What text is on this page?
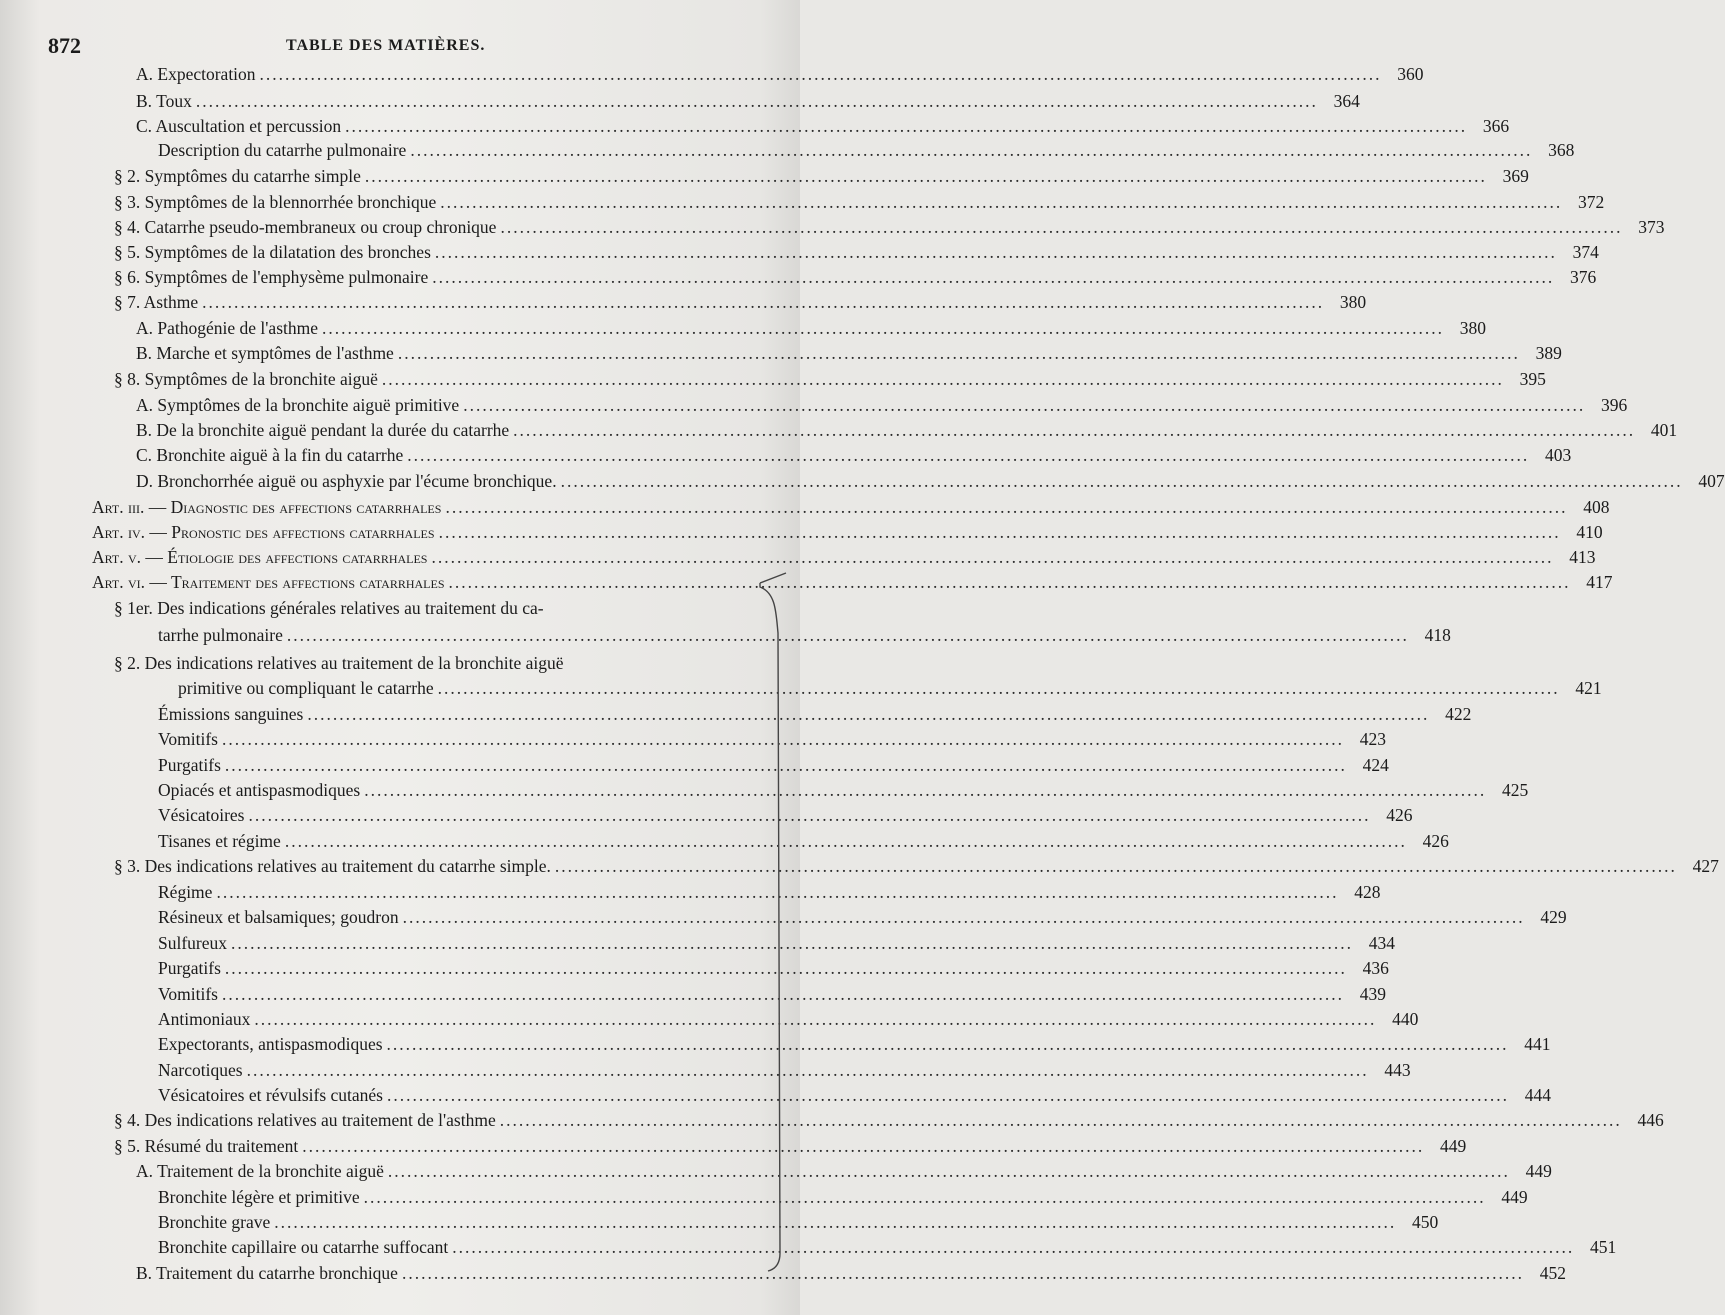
872	TABLE DES MATIÈRES.
A. Expectoration .....	360
B. Toux .....	364
C. Auscultation et percussion .....	366
Description du catarrhe pulmonaire .....	368
§ 2. Symptômes du catarrhe simple .....	369
§ 3. Symptômes de la blennorrhée bronchique .....	372
§ 4. Catarrhe pseudo-membraneux ou croup chronique .....	373
§ 5. Symptômes de la dilatation des bronches .....	374
§ 6. Symptômes de l'emphysème pulmonaire .....	376
§ 7. Asthme .....	380
A. Pathogénie de l'asthme .....	380
B. Marche et symptômes de l'asthme .....	389
§ 8. Symptômes de la bronchite aiguë .....	395
A. Symptômes de la bronchite aiguë primitive .....	396
B. De la bronchite aiguë pendant la durée du catarrhe .....	401
C. Bronchite aiguë à la fin du catarrhe .....	403
D. Bronchorrhée aiguë ou asphyxie par l'écume bronchique. .....	407
Art. iii. — Diagnostic des affections catarrhales .....	408
Art. iv. — Pronostic des affections catarrhales .....	410
Art. v. — Étiologie des affections catarrhales .....	413
Art. vi. — Traitement des affections catarrhales .....	417
§ 1er. Des indications générales relatives au traitement du ca-
tarrhe pulmonaire .....	418
§ 2. Des indications relatives au traitement de la bronchite aiguë
primitive ou compliquant le catarrhe .....	421
Émissions sanguines .....	422
Vomitifs .....	423
Purgatifs .....	424
Opiacés et antispasmodiques .....	425
Vésicatoires .....	426
Tisanes et régime .....	426
§ 3. Des indications relatives au traitement du catarrhe simple. .....	427
Régime .....	428
Résineux et balsamiques; goudron .....	429
Sulfureux .....	434
Purgatifs .....	436
Vomitifs .....	439
Antimoniaux .....	440
Expectorants, antispasmodiques .....	441
Narcotiques .....	443
Vésicatoires et révulsifs cutanés .....	444
§ 4. Des indications relatives au traitement de l'asthme .....	446
§ 5. Résumé du traitement .....	449
A. Traitement de la bronchite aiguë .....	449
Bronchite légère et primitive .....	449
Bronchite grave .....	450
Bronchite capillaire ou catarrhe suffocant .....	451
B. Traitement du catarrhe bronchique .....	452
